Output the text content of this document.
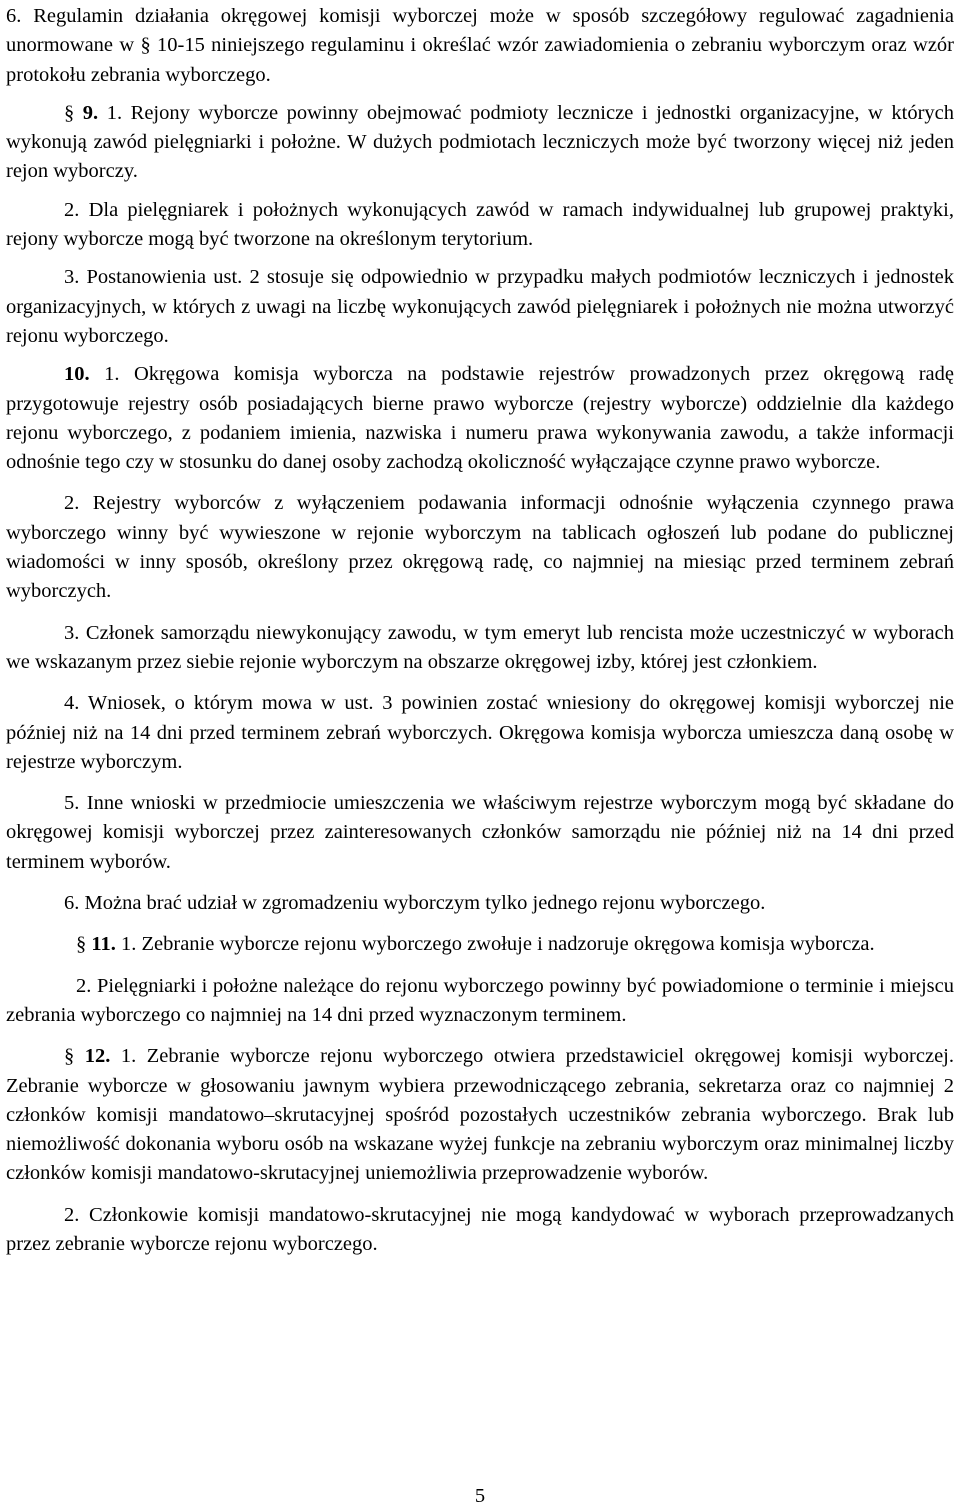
6. Regulamin działania okręgowej komisji wyborczej może w sposób szczegółowy regulować zagadnienia unormowane w § 10-15 niniejszego regulaminu i określać wzór zawiadomienia o zebraniu wyborczym oraz wzór protokołu zebrania wyborczego.

§ 9. 1. Rejony wyborcze powinny obejmować podmioty lecznicze i jednostki organizacyjne, w których wykonują zawód pielęgniarki i położne. W dużych podmiotach leczniczych może być tworzony więcej niż jeden rejon wyborczy.

2. Dla pielęgniarek i położnych wykonujących zawód w ramach indywidualnej lub grupowej praktyki, rejony wyborcze mogą być tworzone na określonym terytorium.

3. Postanowienia ust. 2 stosuje się odpowiednio w przypadku małych podmiotów leczniczych i jednostek organizacyjnych, w których z uwagi na liczbę wykonujących zawód pielęgniarek i położnych nie można utworzyć rejonu wyborczego.

10. 1. Okręgowa komisja wyborcza na podstawie rejestrów prowadzonych przez okręgową radę przygotowuje rejestry osób posiadających bierne prawo wyborcze (rejestry wyborcze) oddzielnie dla każdego rejonu wyborczego, z podaniem imienia, nazwiska i numeru prawa wykonywania zawodu, a także informacji odnośnie tego czy w stosunku do danej osoby zachodzą okoliczność wyłączające czynne prawo wyborcze.

2. Rejestry wyborców z wyłączeniem podawania informacji odnośnie wyłączenia czynnego prawa wyborczego winny być wywieszone w rejonie wyborczym na tablicach ogłoszeń lub podane do publicznej wiadomości w inny sposób, określony przez okręgową radę, co najmniej na miesiąc przed terminem zebrań wyborczych.

3. Członek samorządu niewykonujący zawodu, w tym emeryt lub rencista może uczestniczyć w wyborach we wskazanym przez siebie rejonie wyborczym na obszarze okręgowej izby, której jest członkiem.

4. Wniosek, o którym mowa w ust. 3 powinien zostać wniesiony do okręgowej komisji wyborczej nie później niż na 14 dni przed terminem zebrań wyborczych. Okręgowa komisja wyborcza umieszcza daną osobę w rejestrze wyborczym.

5. Inne wnioski w przedmiocie umieszczenia we właściwym rejestrze wyborczym mogą być składane do okręgowej komisji wyborczej przez zainteresowanych członków samorządu nie później niż na 14 dni przed terminem wyborów.

6. Można brać udział w zgromadzeniu wyborczym tylko jednego rejonu wyborczego.

§ 11. 1. Zebranie wyborcze rejonu wyborczego zwołuje i nadzoruje okręgowa komisja wyborcza.

2. Pielęgniarki i położne należące do rejonu wyborczego powinny być powiadomione o terminie i miejscu zebrania wyborczego co najmniej na 14 dni przed wyznaczonym terminem.

§ 12. 1. Zebranie wyborcze rejonu wyborczego otwiera przedstawiciel okręgowej komisji wyborczej. Zebranie wyborcze w głosowaniu jawnym wybiera przewodniczącego zebrania, sekretarza oraz co najmniej 2 członków komisji mandatowo–skrutacyjnej spośród pozostałych uczestników zebrania wyborczego. Brak lub niemożliwość dokonania wyboru osób na wskazane wyżej funkcje na zebraniu wyborczym oraz minimalnej liczby członków komisji mandatowo-skrutacyjnej uniemożliwia przeprowadzenie wyborów.

2. Członkowie komisji mandatowo-skrutacyjnej nie mogą kandydować w wyborach przeprowadzanych przez zebranie wyborcze rejonu wyborczego.

5
